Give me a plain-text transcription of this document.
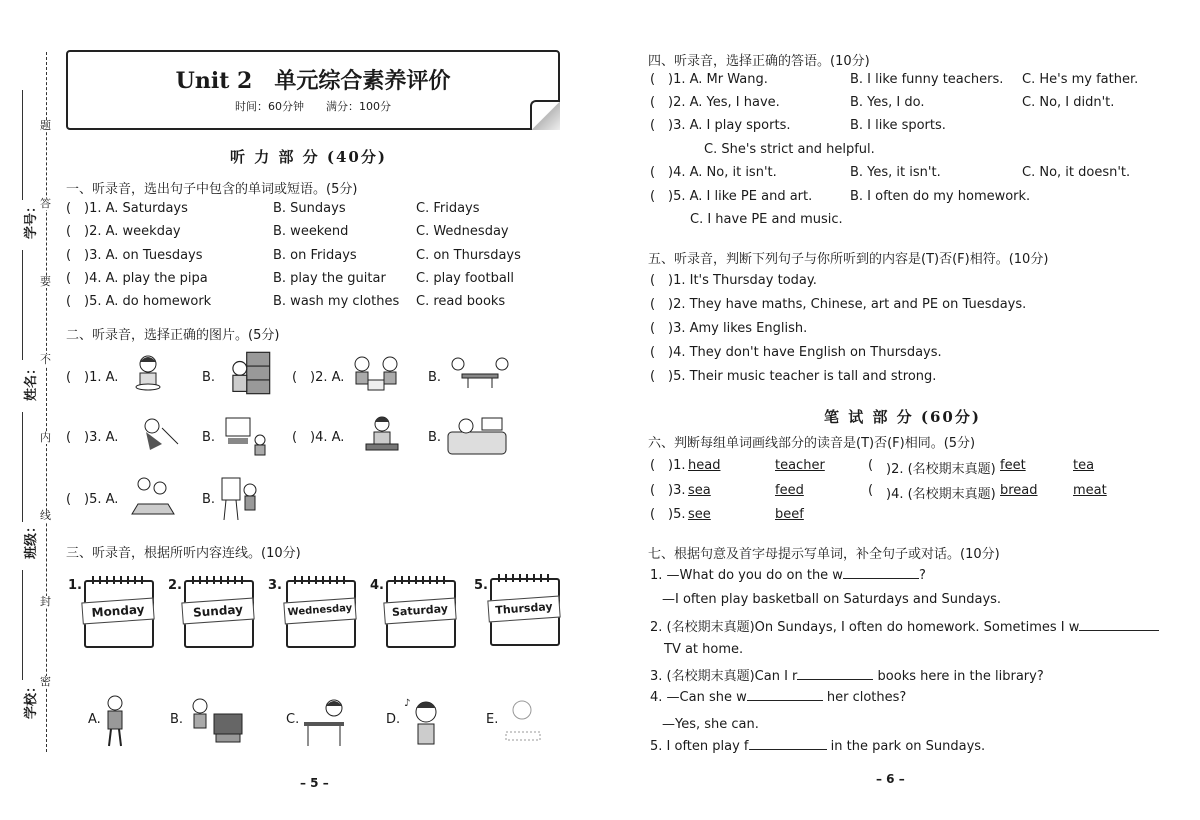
题
答
要
不
内
线
封
密
学号：
姓名：
班级：
学校：
Unit 2　单元综合素养评价
时间：60分钟　　满分：100分
听 力 部 分 (40分)
一、听录音，选出句子中包含的单词或短语。(5分)
( )1. A. Saturdays	B. Sundays	C. Fridays
( )2. A. weekday	B. weekend	C. Wednesday
( )3. A. on Tuesdays	B. on Fridays	C. on Thursdays
( )4. A. play the pipa	B. play the guitar C. play football
( )5. A. do homework	B. wash my clothes C. read books
二、听录音，选择正确的图片。(5分)
( )1. A.	B.	( )2. A.	B.
( )3. A.	B.	( )4. A.	B.
( )5. A.	B.
三、听录音，根据所听内容连线。(10分)
1.
Monday
2.
Sunday
3.
Wednesday
4.
Saturday
5.
Thursday
A.	B.	C.	D.
♪
E.
– 5 –
四、听录音，选择正确的答语。(10分)
( )1. A. Mr Wang.	B. I like funny teachers. C. He's my father.
( )2. A. Yes, I have.	B. Yes, I do.	C. No, I didn't.
( )3. A. I play sports.	B. I like sports.
C. She's strict and helpful.
( )4. A. No, it isn't.	B. Yes, it isn't.	C. No, it doesn't.
( )5. A. I like PE and art.	B. I often do my homework.
C. I have PE and music.
五、听录音，判断下列句子与你所听到的内容是(T)否(F)相符。(10分)
( )1. It's Thursday today.
( )2. They have maths, Chinese, art and PE on Tuesdays.
( )3. Amy likes English.
( )4. They don't have English on Thursdays.
( )5. Their music teacher is tall and strong.
笔 试 部 分 (60分)
六、判断每组单词画线部分的读音是(T)否(F)相同。(5分)
( )1. head	teacher	( )2. (名校期末真题) feet	tea
( )3. sea	feed	( )4. (名校期末真题) bread	meat
( )5. see	beef
七、根据句意及首字母提示写单词，补全句子或对话。(10分)
1. —What do you do on the w	?
—I often play basketball on Saturdays and Sundays.
2. (名校期末真题)On Sundays, I often do homework. Sometimes I w
TV at home.
3. (名校期末真题)Can I r	books here in the library?
4. —Can she w	her clothes?
—Yes, she can.
5. I often play f	in the park on Sundays.
– 6 –
